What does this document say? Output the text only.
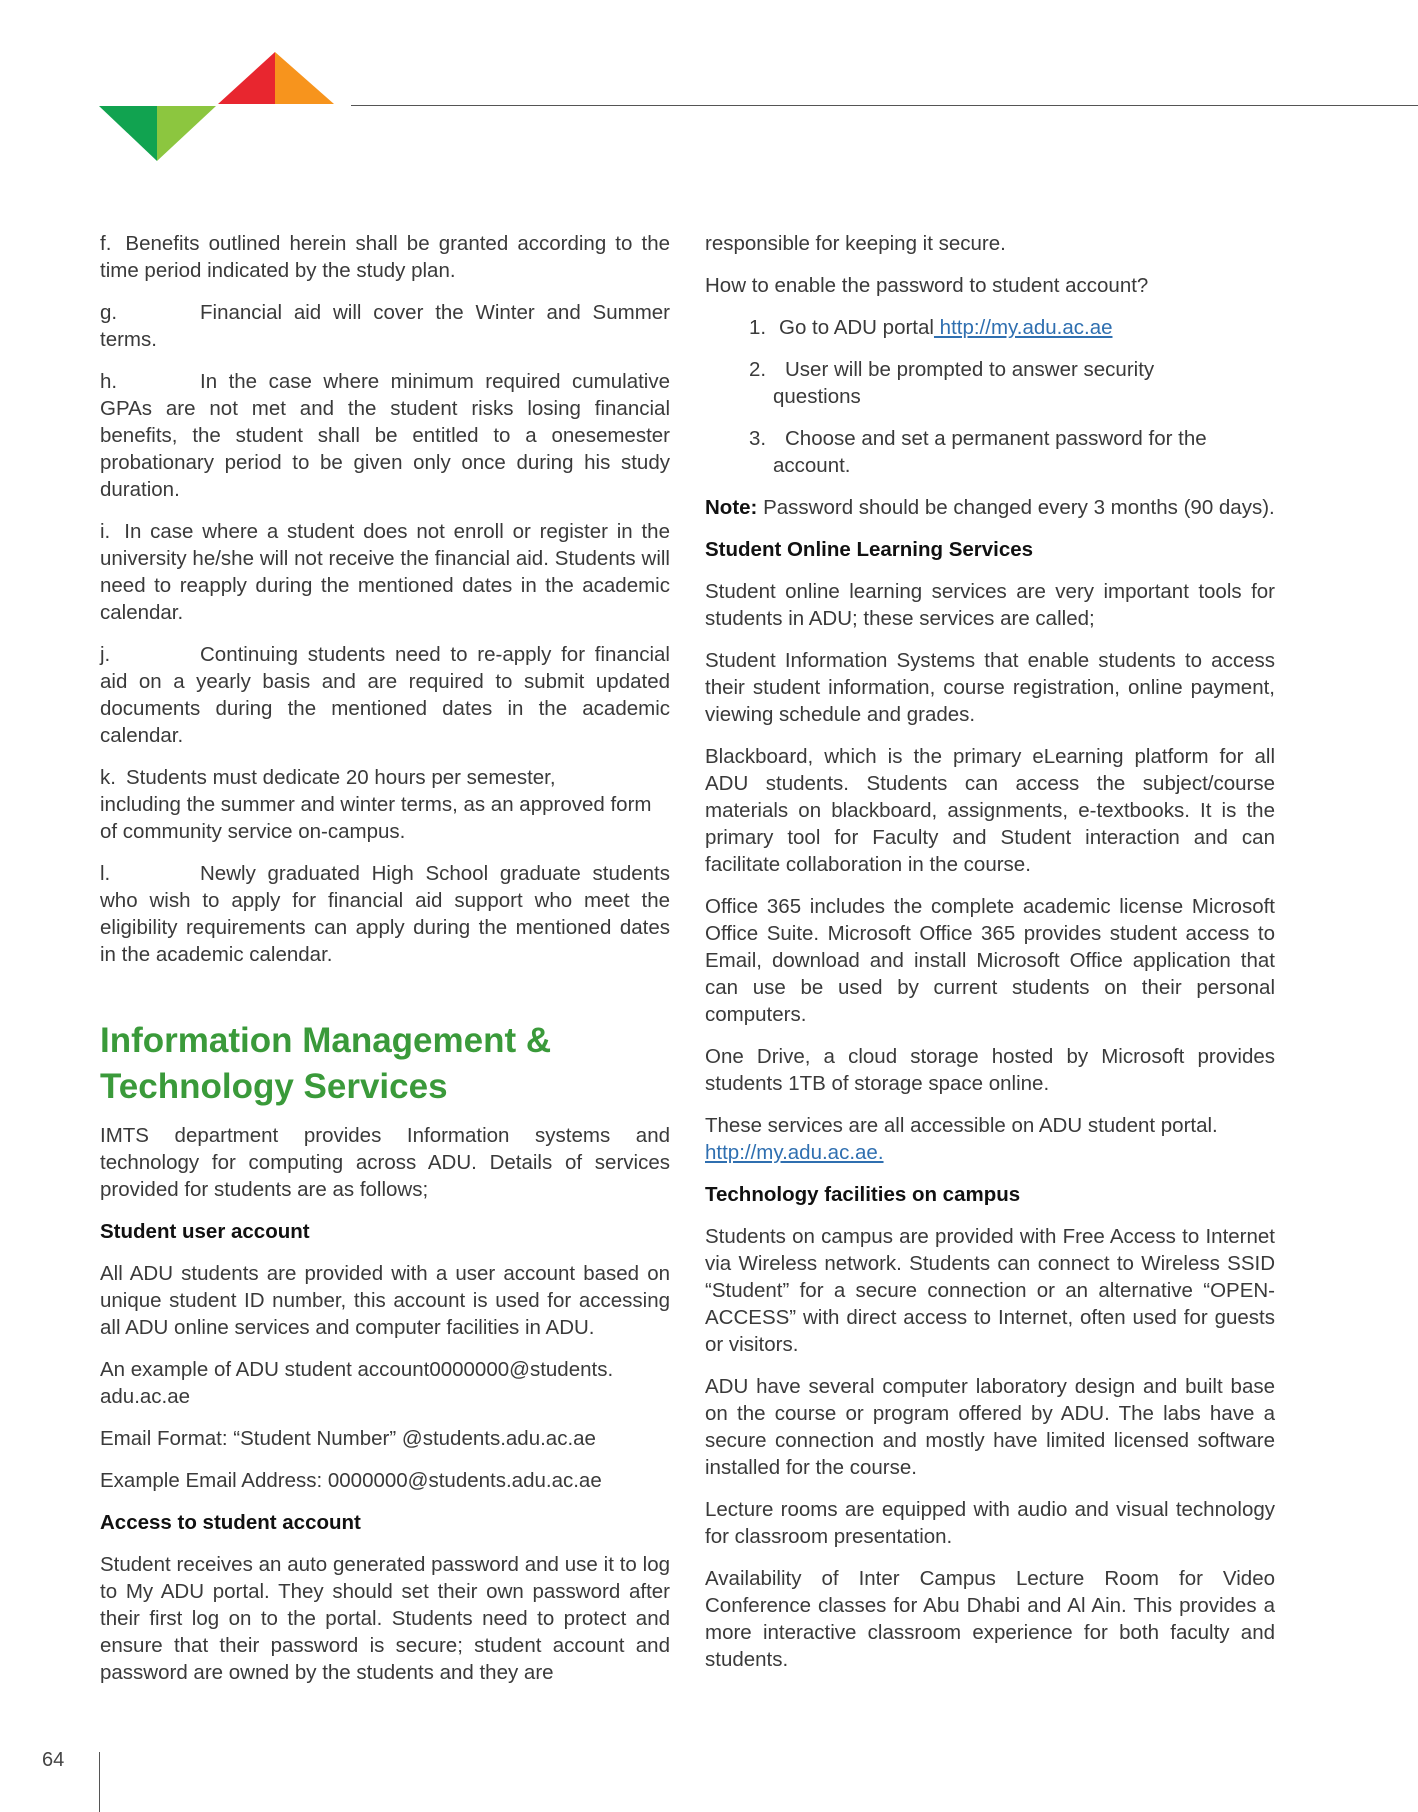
f. Benefits outlined herein shall be granted according to the time period indicated by the study plan.

g.	Financial aid will cover the Winter and Summer terms.

h.	In the case where minimum required cumulative GPAs are not met and the student risks losing financial benefits, the student shall be entitled to a onesemester probationary period to be given only once during his study duration.

i. In case where a student does not enroll or register in the university he/she will not receive the financial aid. Students will need to reapply during the mentioned dates in the academic calendar.

j.	Continuing students need to re-apply for financial aid on a yearly basis and are required to submit updated documents during the mentioned dates in the academic calendar.

k. Students must dedicate 20 hours per semester,
including the summer and winter terms, as an approved form of community service on-campus.

l.	Newly graduated High School graduate students who wish to apply for financial aid support who meet the eligibility requirements can apply during the mentioned dates in the academic calendar.

Information Management &
Technology Services

IMTS department provides Information systems and technology for computing across ADU. Details of services provided for students are as follows;

Student user account

All ADU students are provided with a user account based on unique student ID number, this account is used for accessing all ADU online services and computer facilities in ADU.

An example of ADU student account0000000@students.
adu.ac.ae

Email Format: “Student Number” @students.adu.ac.ae

Example Email Address: 0000000@students.adu.ac.ae

Access to student account

Student receives an auto generated password and use it to log to My ADU portal. They should set their own password after their first log on to the portal. Students need to protect and ensure that their password is secure; student account and password are owned by the students and they are

responsible for keeping it secure.

How to enable the password to student account?

1. Go to ADU portal http://my.adu.ac.ae
2. User will be prompted to answer security
questions
3. Choose and set a permanent password for the
account.

Note: Password should be changed every 3 months (90 days).

Student Online Learning Services

Student online learning services are very important tools for students in ADU; these services are called;

Student Information Systems that enable students to access their student information, course registration, online payment, viewing schedule and grades.

Blackboard, which is the primary eLearning platform for all ADU students. Students can access the subject/course materials on blackboard, assignments, e-textbooks. It is the primary tool for Faculty and Student interaction and can facilitate collaboration in the course.

Office 365 includes the complete academic license Microsoft Office Suite. Microsoft Office 365 provides student access to Email, download and install Microsoft Office application that can use be used by current students on their personal computers.

One Drive, a cloud storage hosted by Microsoft provides students 1TB of storage space online.

These services are all accessible on ADU student portal.
http://my.adu.ac.ae.

Technology facilities on campus

Students on campus are provided with Free Access to Internet via Wireless network. Students can connect to Wireless SSID “Student” for a secure connection or an alternative “OPEN-ACCESS” with direct access to Internet, often used for guests or visitors.

ADU have several computer laboratory design and built base on the course or program offered by ADU. The labs have a secure connection and mostly have limited licensed software installed for the course.

Lecture rooms are equipped with audio and visual technology for classroom presentation.

Availability of Inter Campus Lecture Room for Video Conference classes for Abu Dhabi and Al Ain. This provides a more interactive classroom experience for both faculty and students.

64
